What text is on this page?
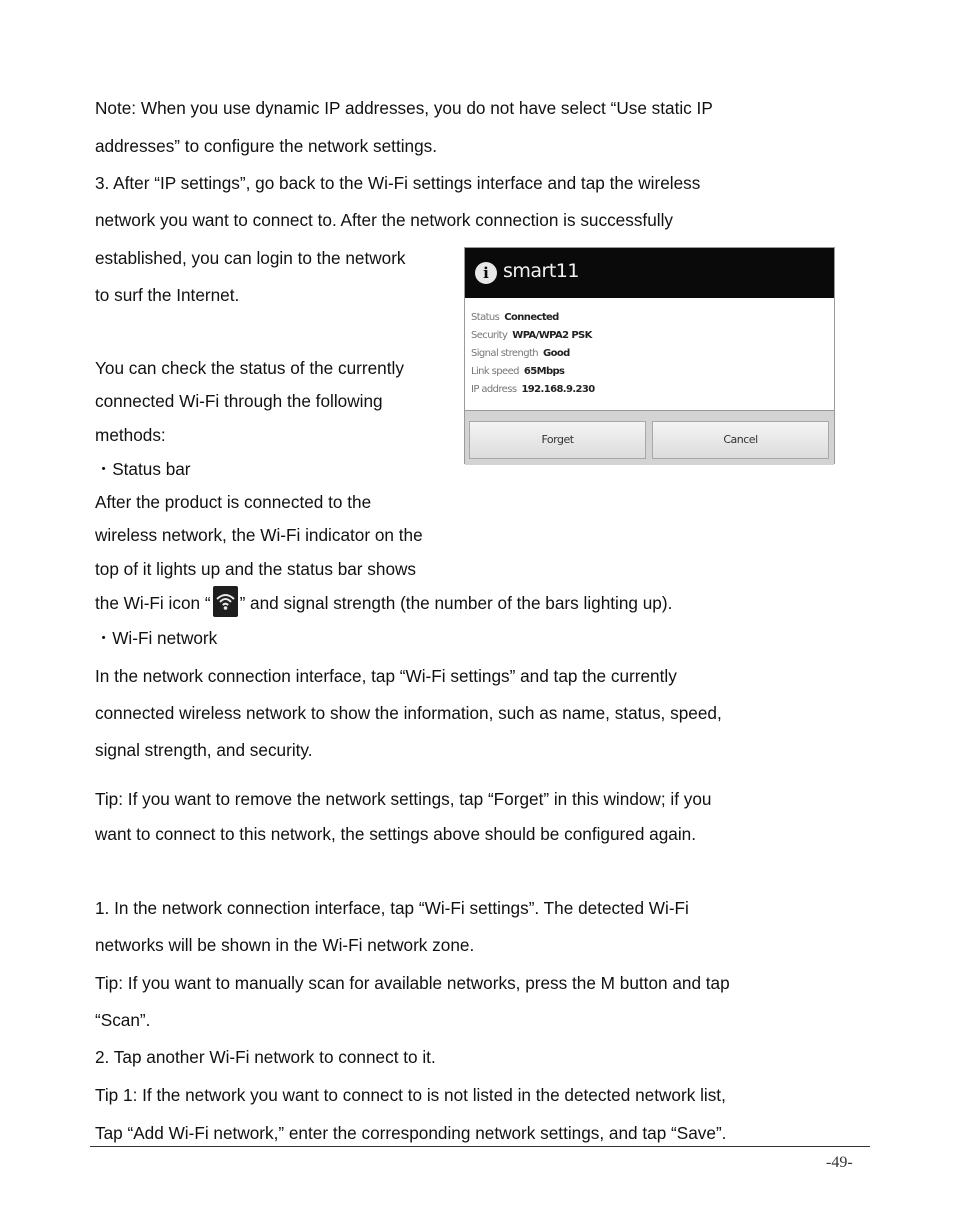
Note: When you use dynamic IP addresses, you do not have select “Use static IP

addresses” to configure the network settings.

3. After “IP settings”, go back to the Wi-Fi settings interface and tap the wireless

network you want to connect to. After the network connection is successfully

established, you can login to the network

to surf the Internet.

You can check the status of the currently

connected Wi-Fi through the following

methods:

・Status bar

After the product is connected to the

wireless network, the Wi-Fi indicator on the

top of it lights up and the status bar shows

the Wi-Fi icon “ ” and signal strength (the number of the bars lighting up).

・Wi-Fi network

In the network connection interface, tap “Wi-Fi settings” and tap the currently

connected wireless network to show the information, such as name, status, speed,

signal strength, and security.

Tip: If you want to remove the network settings, tap “Forget” in this window; if you

want to connect to this network, the settings above should be configured again.

1. In the network connection interface, tap “Wi-Fi settings”. The detected Wi-Fi

networks will be shown in the Wi-Fi network zone.

Tip: If you want to manually scan for available networks, press the M button and tap

“Scan”.

2. Tap another Wi-Fi network to connect to it.

Tip 1: If the network you want to connect to is not listed in the detected network list,

Tap “Add Wi-Fi network,” enter the corresponding network settings, and tap “Save”.

i smart11
Status Connected
Security WPA/WPA2 PSK
Signal strength Good
Link speed 65Mbps
IP address 192.168.9.230
Forget	Cancel
-49-
